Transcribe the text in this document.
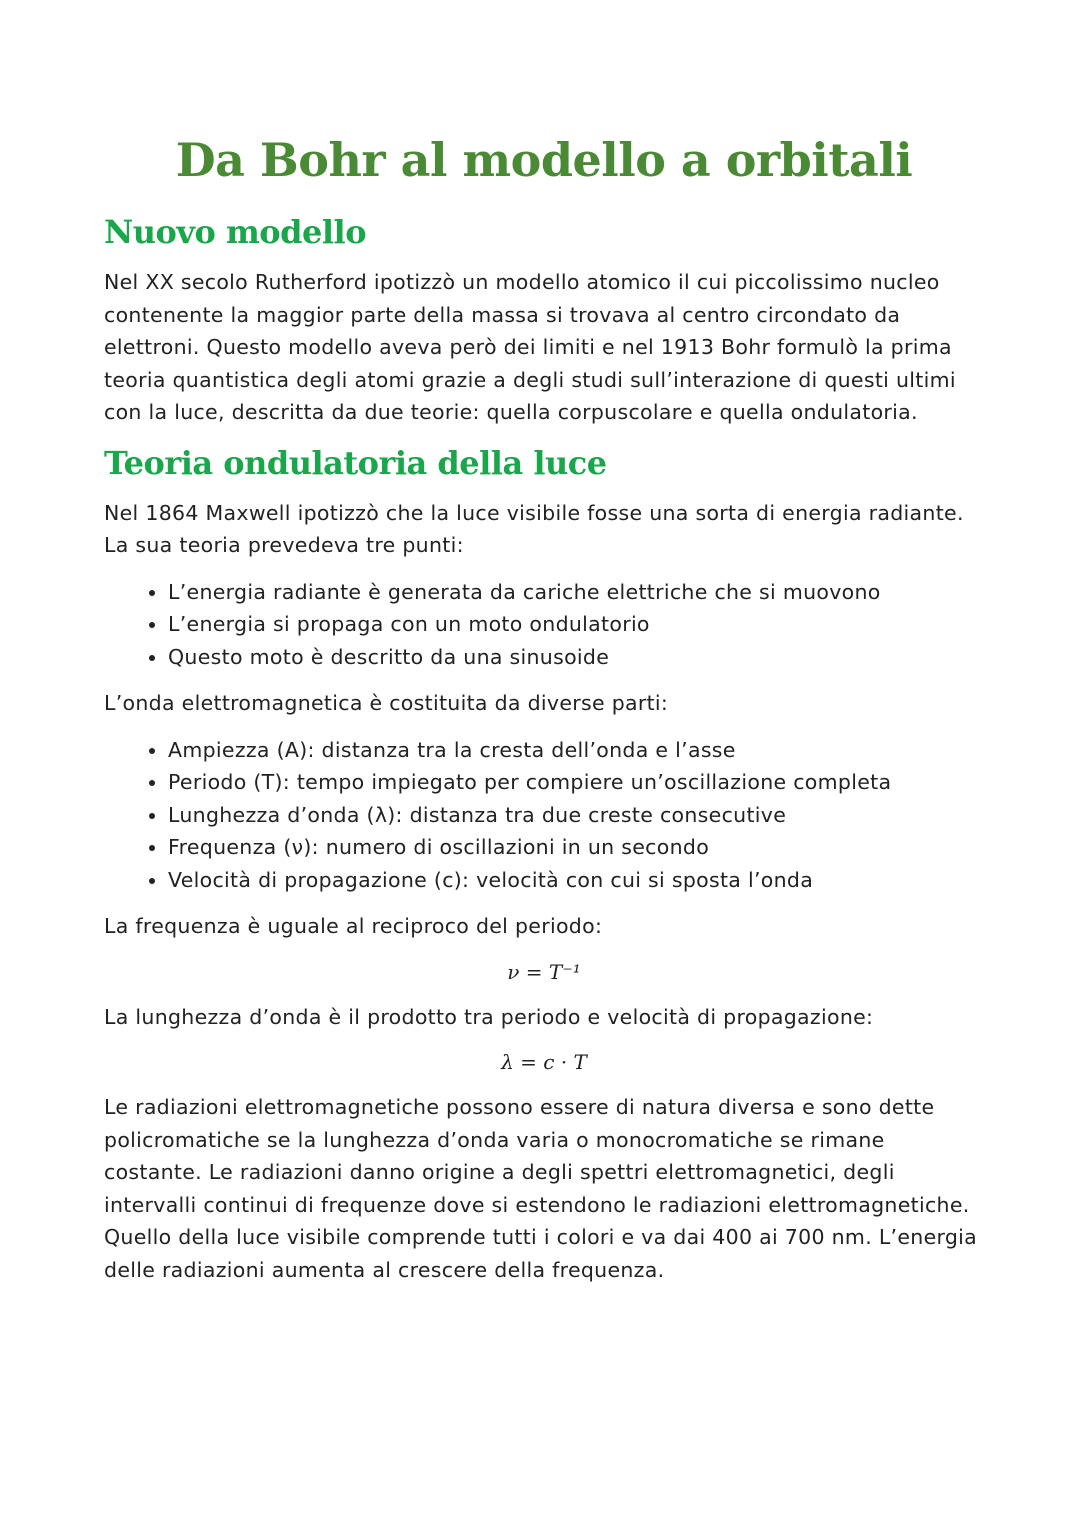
Da Bohr al modello a orbitali
Nuovo modello

Nel XX secolo Rutherford ipotizzò un modello atomico il cui piccolissimo nucleo contenente la maggior parte della massa si trovava al centro circondato da elettroni. Questo modello aveva però dei limiti e nel 1913 Bohr formulò la prima teoria quantistica degli atomi grazie a degli studi sull’interazione di questi ultimi con la luce, descritta da due teorie: quella corpuscolare e quella ondulatoria.

Teoria ondulatoria della luce

Nel 1864 Maxwell ipotizzò che la luce visibile fosse una sorta di energia radiante. La sua teoria prevedeva tre punti:

• L’energia radiante è generata da cariche elettriche che si muovono
• L’energia si propaga con un moto ondulatorio
• Questo moto è descritto da una sinusoide

L’onda elettromagnetica è costituita da diverse parti:

• Ampiezza (A): distanza tra la cresta dell’onda e l’asse
• Periodo (T): tempo impiegato per compiere un’oscillazione completa
• Lunghezza d’onda (λ): distanza tra due creste consecutive
• Frequenza (ν): numero di oscillazioni in un secondo
• Velocità di propagazione (c): velocità con cui si sposta l’onda

La frequenza è uguale al reciproco del periodo:

ν = T⁻¹

La lunghezza d’onda è il prodotto tra periodo e velocità di propagazione:

λ = c · T

Le radiazioni elettromagnetiche possono essere di natura diversa e sono dette policromatiche se la lunghezza d’onda varia o monocromatiche se rimane costante. Le radiazioni danno origine a degli spettri elettromagnetici, degli intervalli continui di frequenze dove si estendono le radiazioni elettromagnetiche. Quello della luce visibile comprende tutti i colori e va dai 400 ai 700 nm. L’energia delle radiazioni aumenta al crescere della frequenza.
